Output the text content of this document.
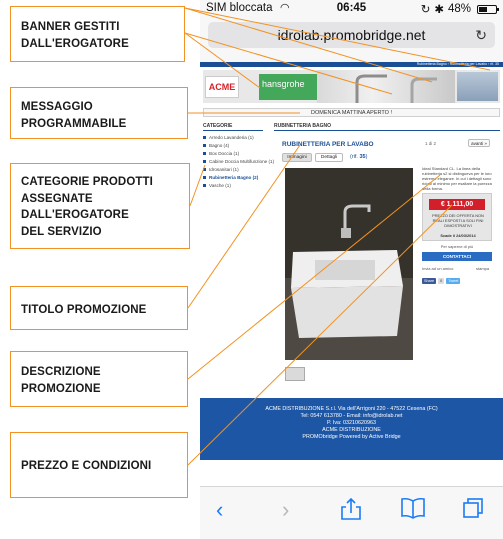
BANNER GESTITI
DALL'EROGATORE
MESSAGGIO
PROGRAMMABILE
CATEGORIE PRODOTTI
ASSEGNATE
DALL'EROGATORE
DEL SERVIZIO
TITOLO PROMOZIONE
DESCRIZIONE
PROMOZIONE
PREZZO E CONDIZIONI
SIM bloccata ◠	06:45	↻ ✱ 48%
idrolab.promobridge.net	↻
Rubinetteria Bagno › Rubinetteria per Lavabo › rif. 35
ACME	hansgrohe
DOMENICA MATTINA APERTO !
CATEGORIE
Arredo Lavanderia (1)
Bagno (4)
Box Doccia (1)
Cabine Doccia Multifunzione (1)
Idrosanitari (1)
Rubinetteria Bagno (2)
Vasche (1)
RUBINETTERIA BAGNO
RUBINETTERIA PER LAVABO	1 di 2	avanti »
Immagini	Dettagli	(rif. 35)
Ideal Standard CL. La linea della rubinetteria s2 si distingueva per le loro estreme eleganze. In cui i dettagli sono ridotti al minimo per esaltare la purezza della forma.
€ 1.111,00
PREZZO DEI OFFERTA NON REALI ESPOSTI A SOLI FINI DIMOSTRATIVI
Scade il 24/03/2014
Per saperne di più
CONTATTACI
Invia ad un amico	stampa
Share	0	Tweet
ACME DISTRIBUZIONE S.r.l. Via dell'Arrigoni 220 - 47522 Cesena (FC)
Tel: 0547 613780 - Email: info@idrolab.net
P. Iva: 03210620963
ACME DISTRIBUZIONE
PROMObridge Powered by Active Bridge
‹	›
